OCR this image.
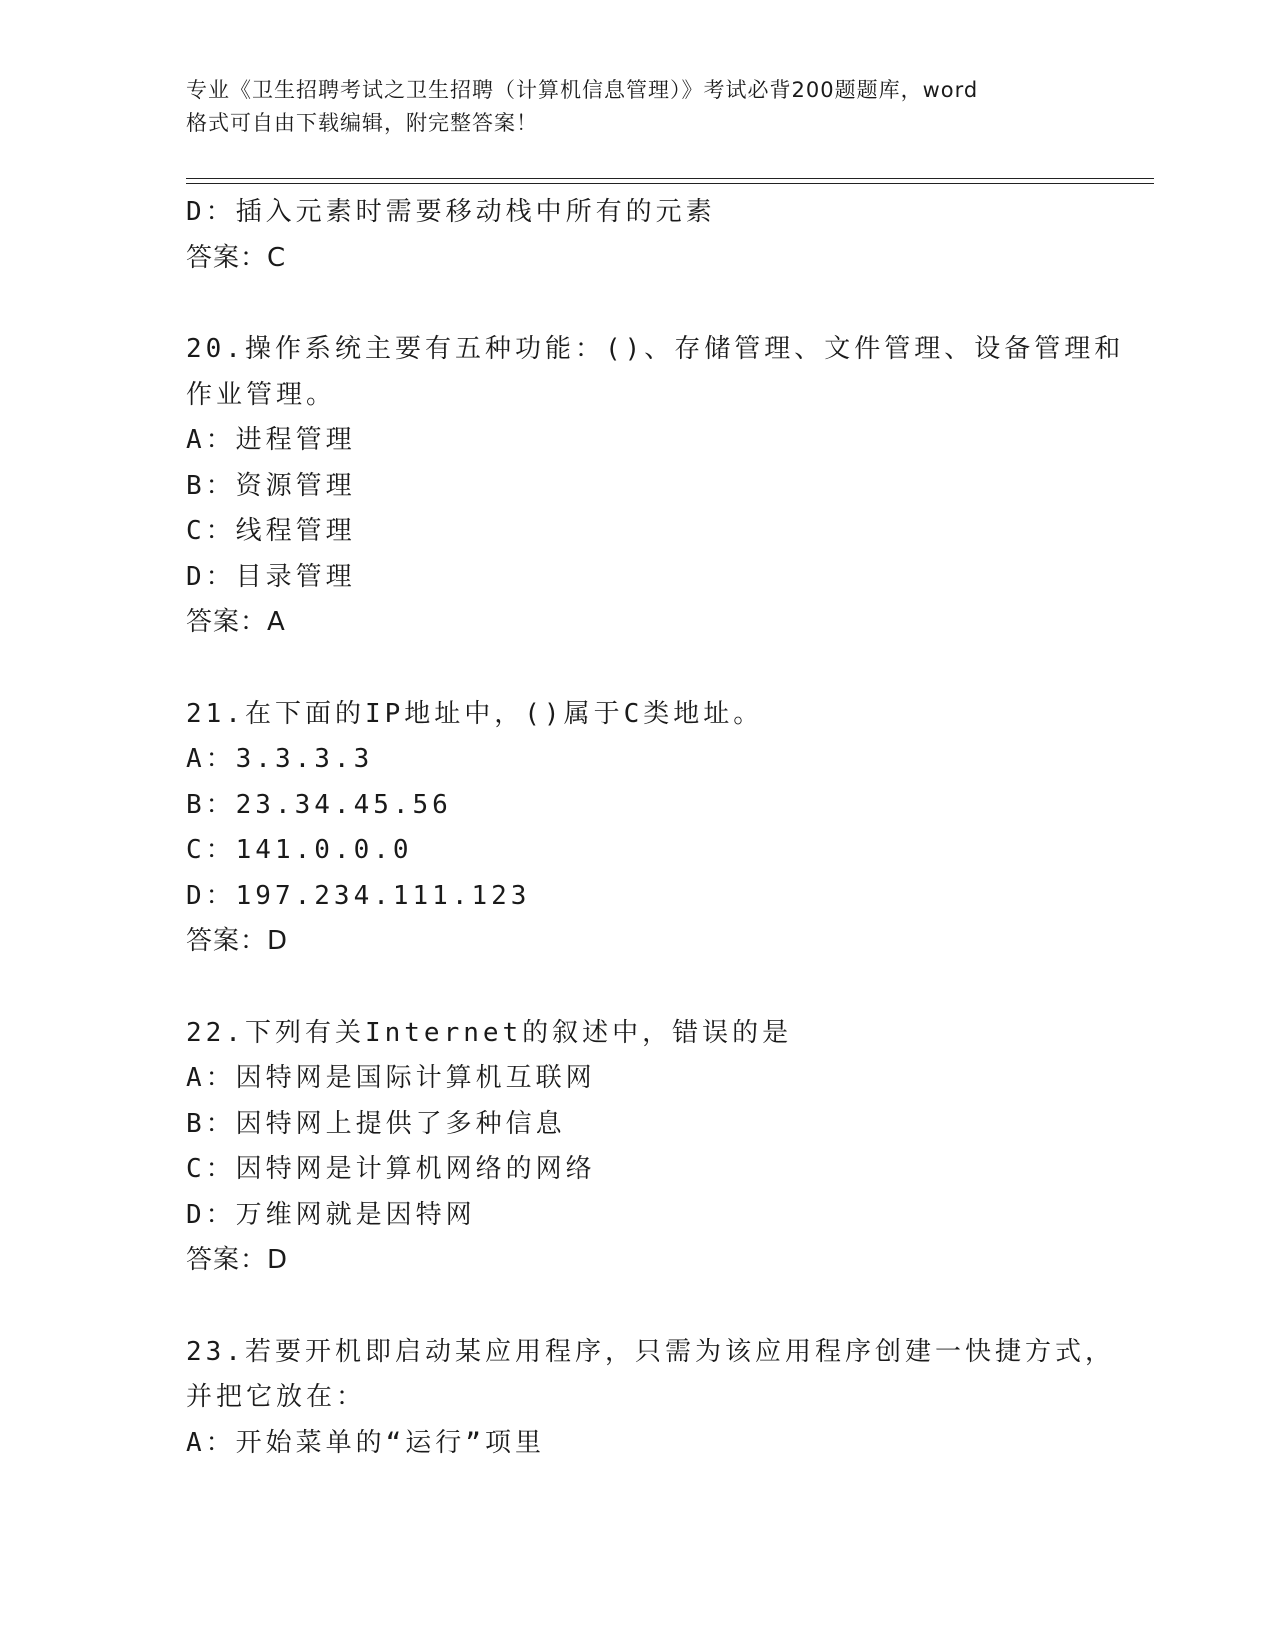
专业《卫生招聘考试之卫生招聘（计算机信息管理）》考试必背200题题库，word
格式可自由下载编辑，附完整答案！
D：插入元素时需要移动栈中所有的元素
答案：C
20.操作系统主要有五种功能：()、存储管理、文件管理、设备管理和
作业管理。
A：进程管理
B：资源管理
C：线程管理
D：目录管理
答案：A
21.在下面的IP地址中，()属于C类地址。
A：3.3.3.3
B：23.34.45.56
C：141.0.0.0
D：197.234.111.123
答案：D
22.下列有关Internet的叙述中，错误的是
A：因特网是国际计算机互联网
B：因特网上提供了多种信息
C：因特网是计算机网络的网络
D：万维网就是因特网
答案：D
23.若要开机即启动某应用程序，只需为该应用程序创建一快捷方式，
并把它放在：
A：开始菜单的“运行”项里
